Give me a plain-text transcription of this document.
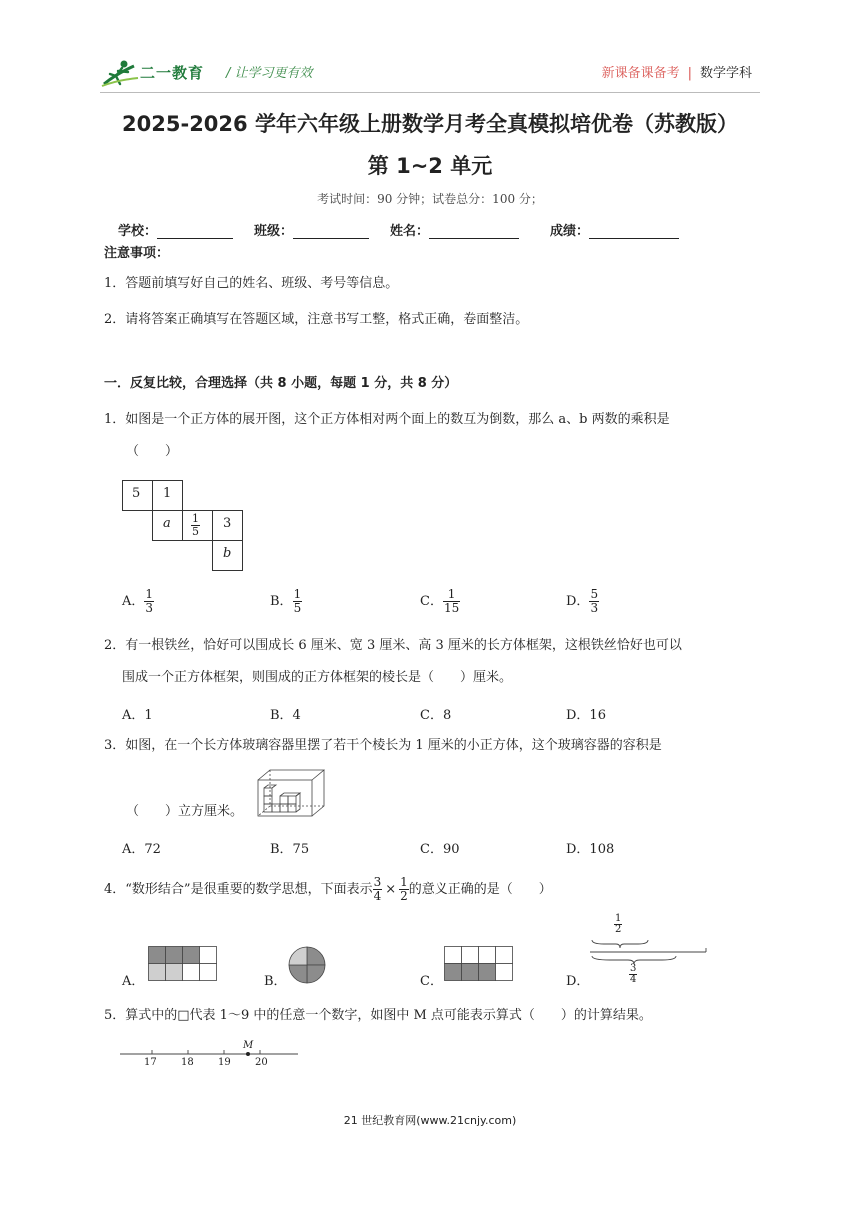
二一教育 / 让学习更有效	新课备课备考 | 数学学科
2025-2026 学年六年级上册数学月考全真模拟培优卷（苏教版）
第 1~2 单元
考试时间：90 分钟；试卷总分：100 分；
学校：	班级：	姓名：	成绩：
注意事项：
1．答题前填写好自己的姓名、班级、考号等信息。
2．请将答案正确填写在答题区域，注意书写工整，格式正确，卷面整洁。
一．反复比较，合理选择（共 8 小题，每题 1 分，共 8 分）
1．如图是一个正方体的展开图，这个正方体相对两个面上的数互为倒数，那么 a、b 两数的乘积是
（　　）
5 1
a $\frac{1}{5} 3$
b
A． $\frac{1}{3}$	B． $\frac{1}{5}$	C． $\frac{1}{15}$	D． $\frac{5}{3}$
2．有一根铁丝，恰好可以围成长 6 厘米、宽 3 厘米、高 3 厘米的长方体框架，这根铁丝恰好也可以
围成一个正方体框架，则围成的正方体框架的棱长是（　　）厘米。
A．1	B．4	C．8	D．16
3．如图，在一个长方体玻璃容器里摆了若干个棱长为 1 厘米的小正方体，这个玻璃容器的容积是
（　　）立方厘米。
A．72	B．75	C．90	D．108
4．“数形结合”是很重要的数学思想，下面表示 $\frac{3}{4} \times \frac{1}{2}$ 的意义正确的是（　　）
A．	B．	C．	D．
$\frac{1}{2}$
$\frac{3}{4}$
5．算式中的□代表 1～9 中的任意一个数字，如图中 M 点可能表示算式（　　）的计算结果。
M
17 18 19 20
21 世纪教育网(www.21cnjy.com)
